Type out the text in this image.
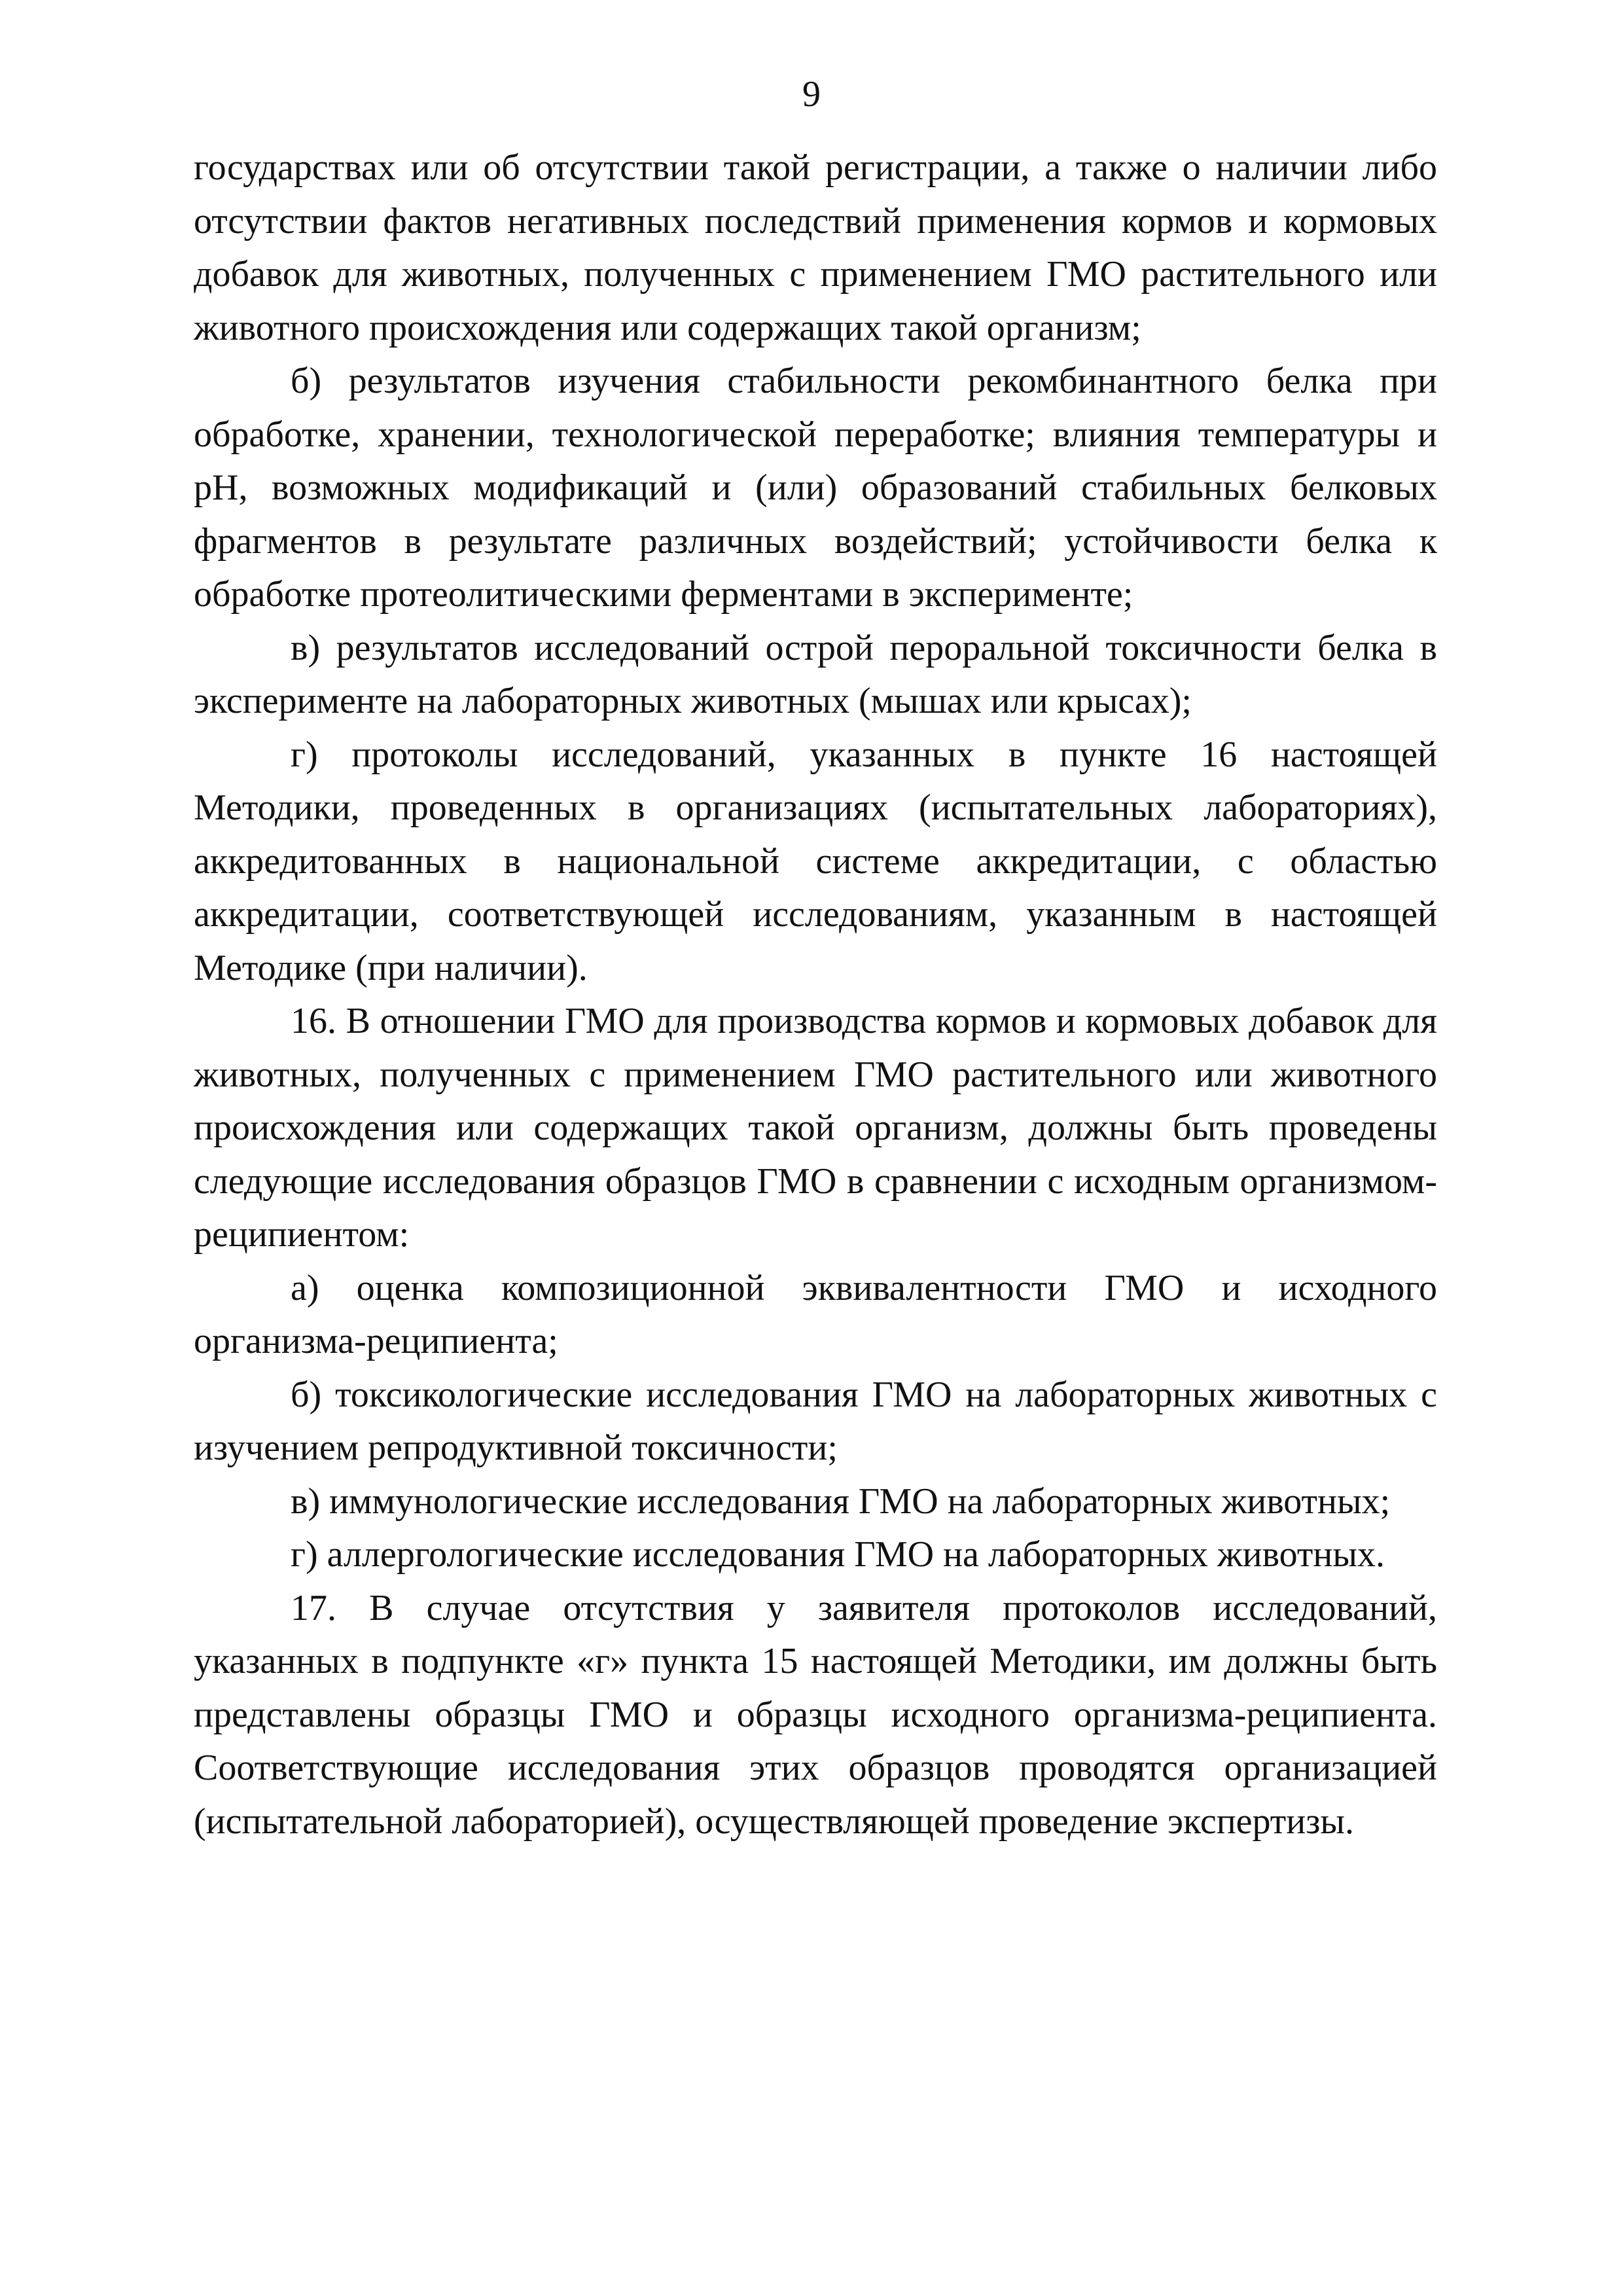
9

государствах или об отсутствии такой регистрации, а также о наличии либо отсутствии фактов негативных последствий применения кормов и кормовых добавок для животных, полученных с применением ГМО растительного или животного происхождения или содержащих такой организм;

б) результатов изучения стабильности рекомбинантного белка при обработке, хранении, технологической переработке; влияния температуры и рН, возможных модификаций и (или) образований стабильных белковых фрагментов в результате различных воздействий; устойчивости белка к обработке протеолитическими ферментами в эксперименте;

в) результатов исследований острой пероральной токсичности белка в эксперименте на лабораторных животных (мышах или крысах);

г) протоколы исследований, указанных в пункте 16 настоящей Методики, проведенных в организациях (испытательных лабораториях), аккредитованных в национальной системе аккредитации, с областью аккредитации, соответствующей исследованиям, указанным в настоящей Методике (при наличии).

16. В отношении ГМО для производства кормов и кормовых добавок для животных, полученных с применением ГМО растительного или животного происхождения или содержащих такой организм, должны быть проведены следующие исследования образцов ГМО в сравнении с исходным организмом-реципиентом:

а) оценка композиционной эквивалентности ГМО и исходного организма-реципиента;

б) токсикологические исследования ГМО на лабораторных животных с изучением репродуктивной токсичности;

в) иммунологические исследования ГМО на лабораторных животных;

г) аллергологические исследования ГМО на лабораторных животных.

17. В случае отсутствия у заявителя протоколов исследований, указанных в подпункте «г» пункта 15 настоящей Методики, им должны быть представлены образцы ГМО и образцы исходного организма-реципиента. Соответствующие исследования этих образцов проводятся организацией (испытательной лабораторией), осуществляющей проведение экспертизы.
